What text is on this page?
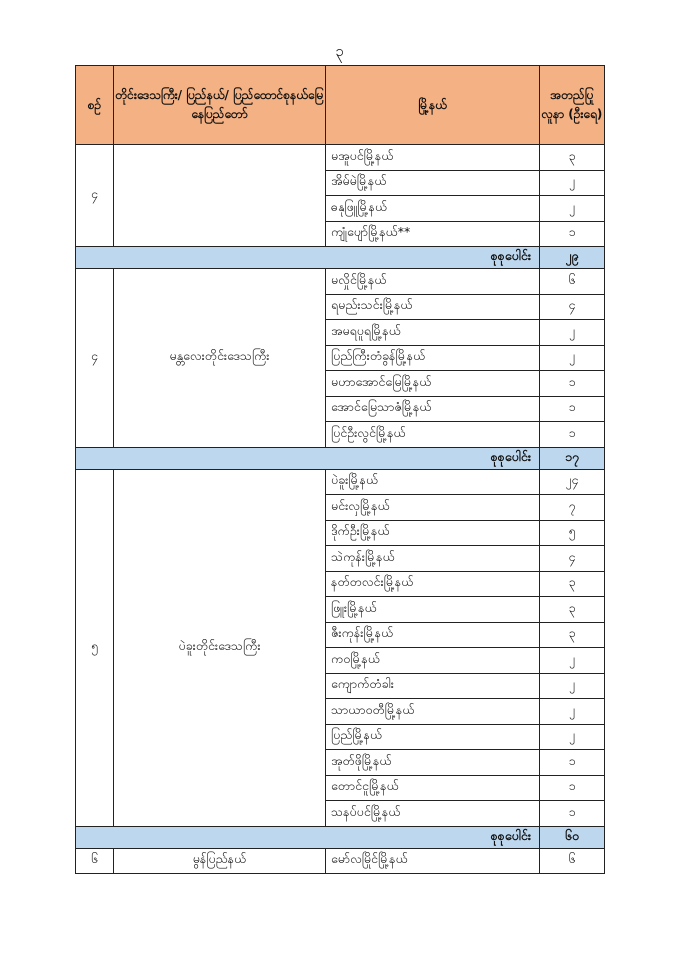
၃
စဉ်	တိုင်းဒေသကြီး/ ပြည်နယ်/ ပြည်ထောင်စုနယ်မြေ နေပြည်တော်	မြို့နယ်	အတည်ပြု လူနာ (ဦးရေ)
၄		မအူပင်မြို့နယ်	၃
		အိမ်မဲမြို့နယ်	၂
		ဓနုဖြူမြို့နယ်	၂
		ကျုံပျော်မြို့နယ်**	၁
စုစုပေါင်း			၂၉
၄	မန္တလေးတိုင်းဒေသကြီး	မလှိုင်မြို့နယ်	၆
		ရမည်းသင်းမြို့နယ်	၄
		အမရပူရမြို့နယ်	၂
		ပြည်ကြီးတံခွန်မြို့နယ်	၂
		မဟာအောင်မြေမြို့နယ်	၁
		အောင်မြေသာဇံမြို့နယ်	၁
		ပြင်ဦးလွင်မြို့နယ်	၁
စုစုပေါင်း			၁၇
၅	ပဲခူးတိုင်းဒေသကြီး	ပဲခူးမြို့နယ်	၂၄
		မင်းလှမြို့နယ်	၇
		ဒိုက်ဦးမြို့နယ်	၅
		သဲကုန်းမြို့နယ်	၄
		နတ်တလင်းမြို့နယ်	၃
		ဖြူးမြို့နယ်	၃
		ဇီးကုန်းမြို့နယ်	၃
		ကဝမြို့နယ်	၂
		ကျောက်တံခါး	၂
		သာယာဝတီမြို့နယ်	၂
		ပြည်မြို့နယ်	၂
		အုတ်ဖိုမြို့နယ်	၁
		တောင်ငူမြို့နယ်	၁
		သနပ်ပင်မြို့နယ်	၁
စုစုပေါင်း			၆၀
၆	မွန်ပြည်နယ်	မော်လမြိုင်မြို့နယ်	၆
